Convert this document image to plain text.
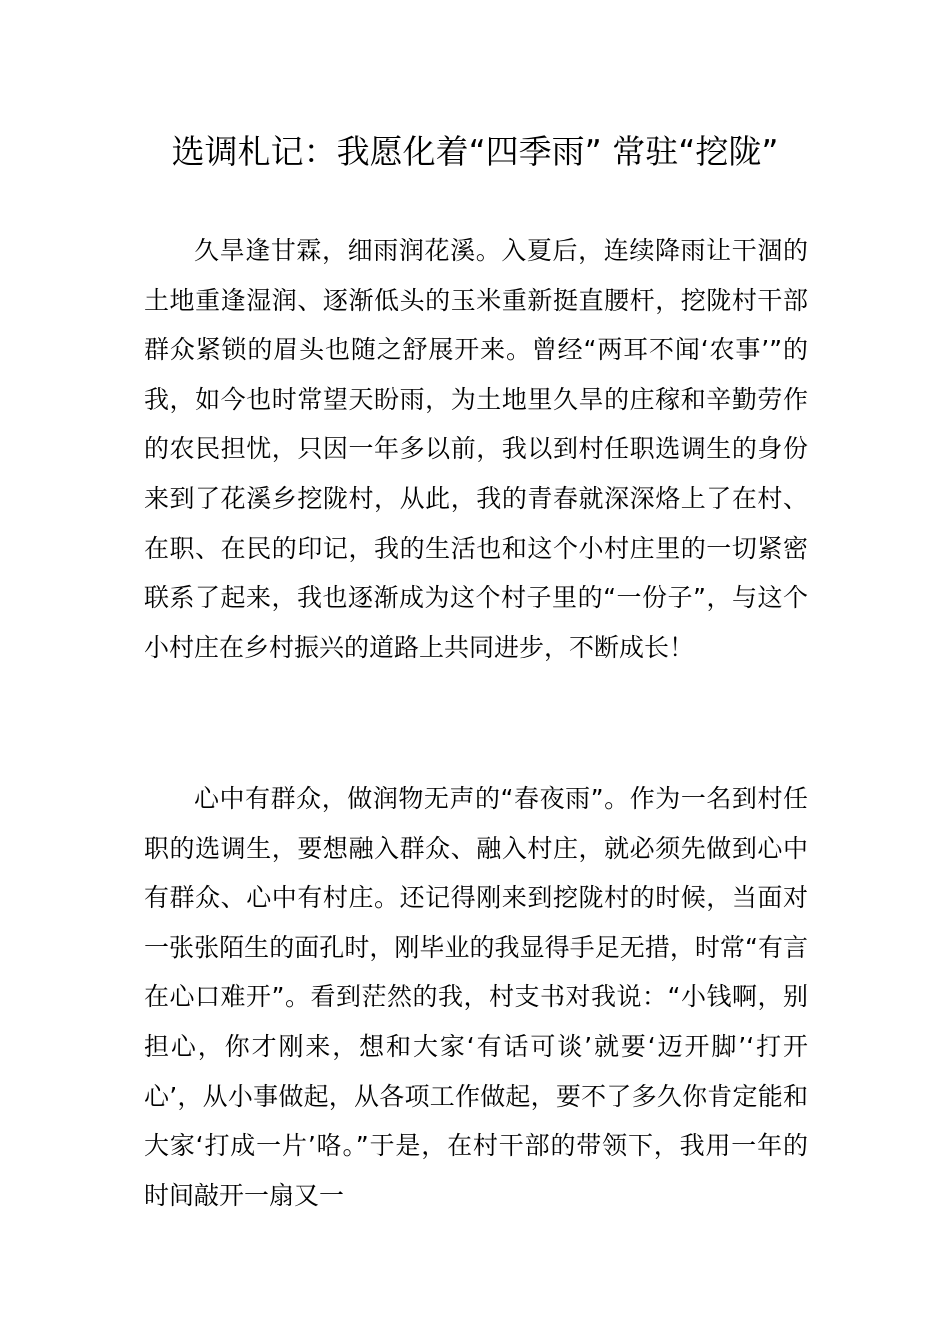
选调札记：我愿化着“四季雨” 常驻“挖陇”

久旱逢甘霖，细雨润花溪。入夏后，连续降雨让干涸的土地重逢湿润、逐渐低头的玉米重新挺直腰杆，挖陇村干部群众紧锁的眉头也随之舒展开来。曾经“两耳不闻‘农事’”的我，如今也时常望天盼雨，为土地里久旱的庄稼和辛勤劳作的农民担忧，只因一年多以前，我以到村任职选调生的身份来到了花溪乡挖陇村，从此，我的青春就深深烙上了在村、在职、在民的印记，我的生活也和这个小村庄里的一切紧密联系了起来，我也逐渐成为这个村子里的“一份子”，与这个小村庄在乡村振兴的道路上共同进步，不断成长！

心中有群众，做润物无声的“春夜雨”。作为一名到村任职的选调生，要想融入群众、融入村庄，就必须先做到心中有群众、心中有村庄。还记得刚来到挖陇村的时候，当面对一张张陌生的面孔时，刚毕业的我显得手足无措，时常“有言在心口难开”。看到茫然的我，村支书对我说：“小钱啊，别担心，你才刚来，想和大家‘有话可谈’就要‘迈开脚’‘打开心’，从小事做起，从各项工作做起，要不了多久你肯定能和大家‘打成一片’咯。”于是，在村干部的带领下，我用一年的时间敲开一扇又一
